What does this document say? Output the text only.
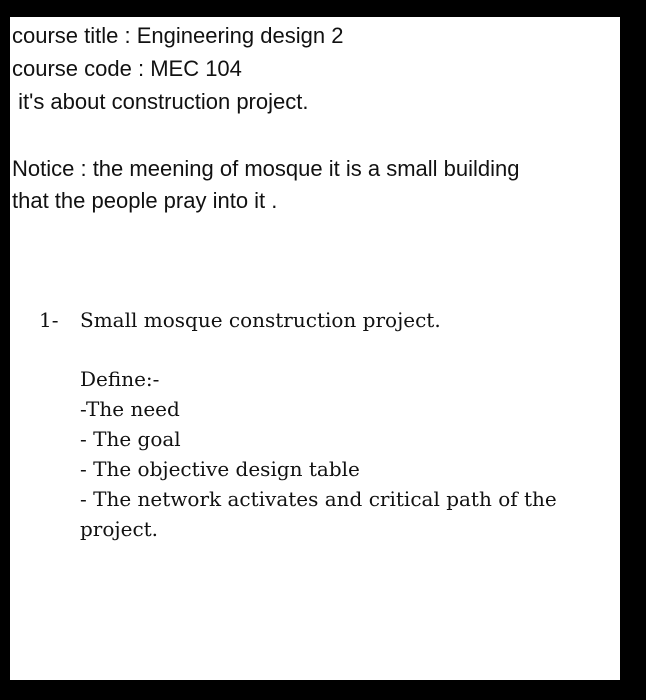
course title : Engineering design 2
course code : MEC 104
it's about construction project.
Notice : the meening of mosque it is a small building
that the people pray into it .
1- Small mosque construction project.
Define:-
-The need
- The goal
- The objective design table
- The network activates and critical path of the
project.
